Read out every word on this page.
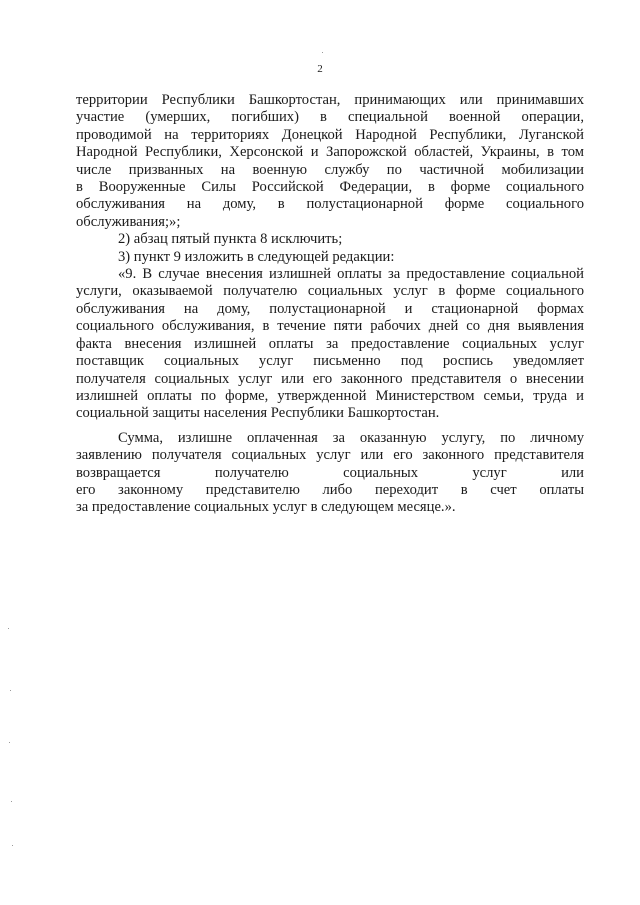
2

территории Республики Башкортостан, принимающих или принимавших

участие (умерших, погибших) в специальной военной операции,

проводимой на территориях Донецкой Народной Республики, Луганской

Народной Республики, Херсонской и Запорожской областей, Украины, в том

числе призванных на военную службу по частичной мобилизации

в Вооруженные Силы Российской Федерации, в форме социального

обслуживания на дому, в полустационарной форме социального

обслуживания;»;

2) абзац пятый пункта 8 исключить;

3) пункт 9 изложить в следующей редакции:

«9. В случае внесения излишней оплаты за предоставление социальной

услуги, оказываемой получателю социальных услуг в форме социального

обслуживания на дому, полустационарной и стационарной формах

социального обслуживания, в течение пяти рабочих дней со дня выявления

факта внесения излишней оплаты за предоставление социальных услуг

поставщик социальных услуг письменно под роспись уведомляет

получателя социальных услуг или его законного представителя о внесении

излишней оплаты по форме, утвержденной Министерством семьи, труда и

социальной защиты населения Республики Башкортостан.

Сумма, излишне оплаченная за оказанную услугу, по личному

заявлению получателя социальных услуг или его законного представителя

возвращается получателю социальных услуг или

его законному представителю либо переходит в счет оплаты

за предоставление социальных услуг в следующем месяце.».
